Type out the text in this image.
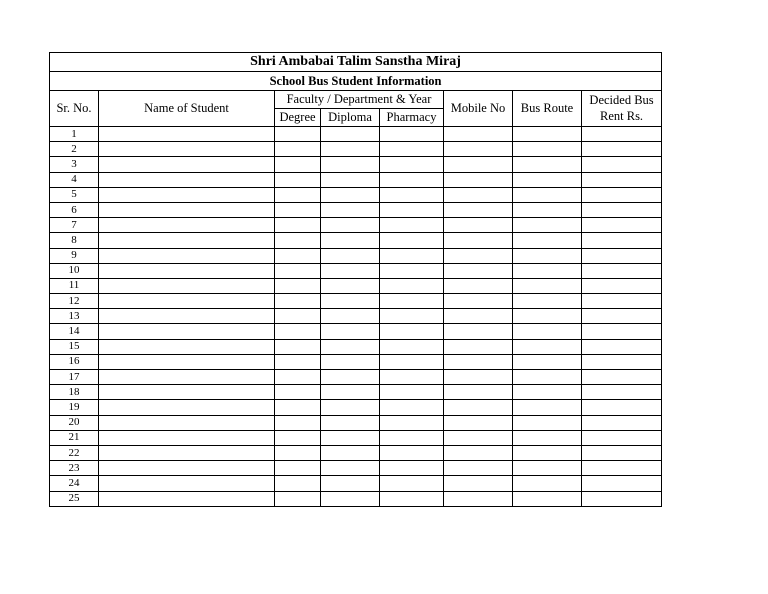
Shri Ambabai Talim Sanstha Miraj							
School Bus Student Information							
Sr. No.	Name of Student	Faculty / Department & Year			Mobile No	Bus Route	Decided Bus Rent Rs.
		Degree	Diploma	Pharmacy			
1							
2							
3							
4							
5							
6							
7							
8							
9							
10							
11							
12							
13							
14							
15							
16							
17							
18							
19							
20							
21							
22							
23							
24							
25							
